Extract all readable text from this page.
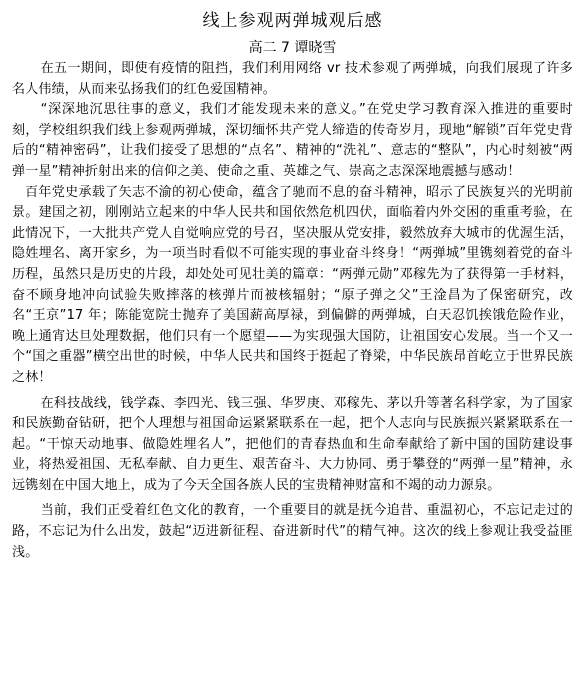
线上参观两弹城观后感
高二 7 谭晓雪

在五一期间，即使有疫情的阻挡，我们利用网络 vr 技术参观了两弹城，向我们展现了许多名人伟绩，从而来弘扬我们的红色爱国精神。

“深深地沉思往事的意义，我们才能发现未来的意义。”在党史学习教育深入推进的重要时刻，学校组织我们线上参观两弹城，深切缅怀共产党人缔造的传奇岁月，现地“解锁”百年党史背后的“精神密码”，让我们接受了思想的“点名”、精神的“洗礼”、意志的“整队”，内心时刻被“两弹一星”精神折射出来的信仰之美、使命之重、英雄之气、崇高之志深深地震撼与感动！

百年党史承载了矢志不渝的初心使命，蕴含了驰而不息的奋斗精神，昭示了民族复兴的光明前景。建国之初，刚刚站立起来的中华人民共和国依然危机四伏，面临着内外交困的重重考验，在此情况下，一大批共产党人自觉响应党的号召，坚决服从党安排，毅然放弃大城市的优渥生活，隐姓埋名、离开家乡，为一项当时看似不可能实现的事业奋斗终身！“两弹城”里镌刻着党的奋斗历程，虽然只是历史的片段，却处处可见壮美的篇章：“两弹元勋”邓稼先为了获得第一手材料，奋不顾身地冲向试验失败摔落的核弹片而被核辐射；“原子弹之父”王淦昌为了保密研究，改名“王京”17 年；陈能宽院士抛弃了美国薪高厚禄，到偏僻的两弹城，白天忍饥挨饿危险作业，晚上通宵达旦处理数据，他们只有一个愿望——为实现强大国防，让祖国安心发展。当一个又一个“国之重器”横空出世的时候，中华人民共和国终于挺起了脊梁，中华民族昂首屹立于世界民族之林！

在科技战线，钱学森、李四光、钱三强、华罗庚、邓稼先、茅以升等著名科学家，为了国家和民族勤奋钻研，把个人理想与祖国命运紧紧联系在一起，把个人志向与民族振兴紧紧联系在一起。“干惊天动地事、做隐姓埋名人”，把他们的青春热血和生命奉献给了新中国的国防建设事业，将热爱祖国、无私奉献、自力更生、艰苦奋斗、大力协同、勇于攀登的“两弹一星”精神，永远镌刻在中国大地上，成为了今天全国各族人民的宝贵精神财富和不竭的动力源泉。

当前，我们正受着红色文化的教育，一个重要目的就是抚今追昔、重温初心，不忘记走过的路，不忘记为什么出发，鼓起“迈进新征程、奋进新时代”的精气神。这次的线上参观让我受益匪浅。
